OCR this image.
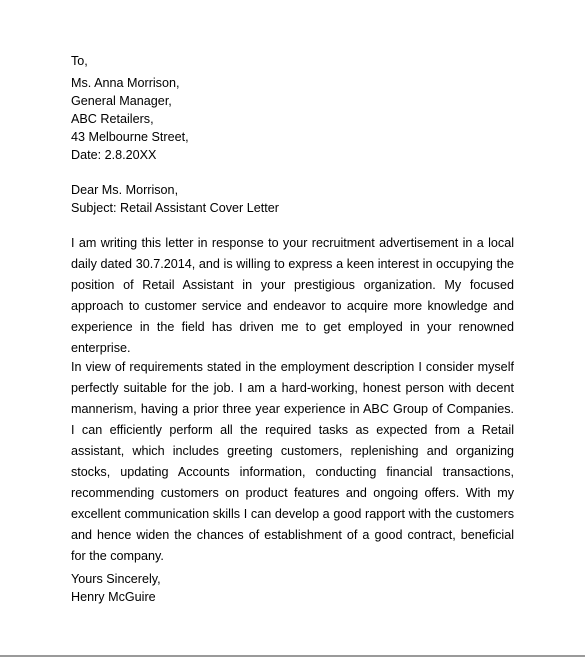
To,
Ms. Anna Morrison,
General Manager,
ABC Retailers,
43 Melbourne Street,
Date: 2.8.20XX
Dear Ms. Morrison,
Subject: Retail Assistant Cover Letter

I am writing this letter in response to your recruitment advertisement in a local daily dated 30.7.2014, and is willing to express a keen interest in occupying the position of Retail Assistant in your prestigious organization. My focused approach to customer service and endeavor to acquire more knowledge and experience in the field has driven me to get employed in your renowned enterprise.

In view of requirements stated in the employment description I consider myself perfectly suitable for the job. I am a hard-working, honest person with decent mannerism, having a prior three year experience in ABC Group of Companies. I can efficiently perform all the required tasks as expected from a Retail assistant, which includes greeting customers, replenishing and organizing stocks, updating Accounts information, conducting financial transactions, recommending customers on product features and ongoing offers. With my excellent communication skills I can develop a good rapport with the customers and hence widen the chances of establishment of a good contract, beneficial for the company.

Yours Sincerely,
Henry McGuire
